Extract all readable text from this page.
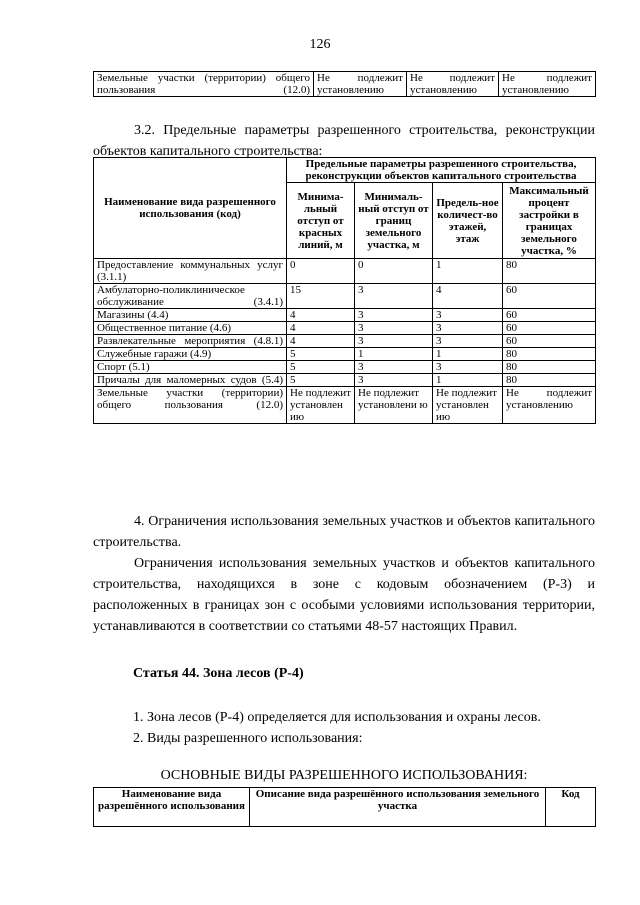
126
Земельные участки (территории) общего пользования (12.0)	Не подлежит установлению	Не подлежит установлению	Не подлежит установлению
3.2. Предельные параметры разрешенного строительства, реконструкции объектов капитального строительства:
Наименование вида разрешенного использования (код)	Предельные параметры разрешенного строительства, реконструкции объектов капитального строительства			
	Минима-льный отступ от красных линий, м	Минималь-ный отступ от границ земельного участка, м	Предель-ное количест-во этажей, этаж	Максимальный процент застройки в границах земельного участка, %
Предоставление коммунальных услуг (3.1.1)	0	0	1	80
Амбулаторно-поликлиническое обслуживание (3.4.1)	15	3	4	60
Магазины (4.4)	4	3	3	60
Общественное питание (4.6)	4	3	3	60
Развлекательные мероприятия (4.8.1)	4	3	3	60
Служебные гаражи (4.9)	5	1	1	80
Спорт (5.1)	5	3	3	80
Причалы для маломерных судов (5.4)	5	3	1	80
Земельные участки (территории) общего пользования (12.0)	Не подлежит установлен ию	Не подлежит установлени ю	Не подлежит установлен ию	Не подлежит установлению
4. Ограничения использования земельных участков и объектов капитального строительства.
Ограничения использования земельных участков и объектов капитального строительства, находящихся в зоне с кодовым обозначением (Р-3) и расположенных в границах зон с особыми условиями использования территории, устанавливаются в соответствии со статьями 48-57 настоящих Правил.
Статья 44. Зона лесов (Р-4)
1. Зона лесов (Р-4) определяется для использования и охраны лесов.
2. Виды разрешенного использования:
ОСНОВНЫЕ ВИДЫ РАЗРЕШЕННОГО ИСПОЛЬЗОВАНИЯ:
Наименование вида разрешённого использования	Описание вида разрешённого использования земельного участка	Код
